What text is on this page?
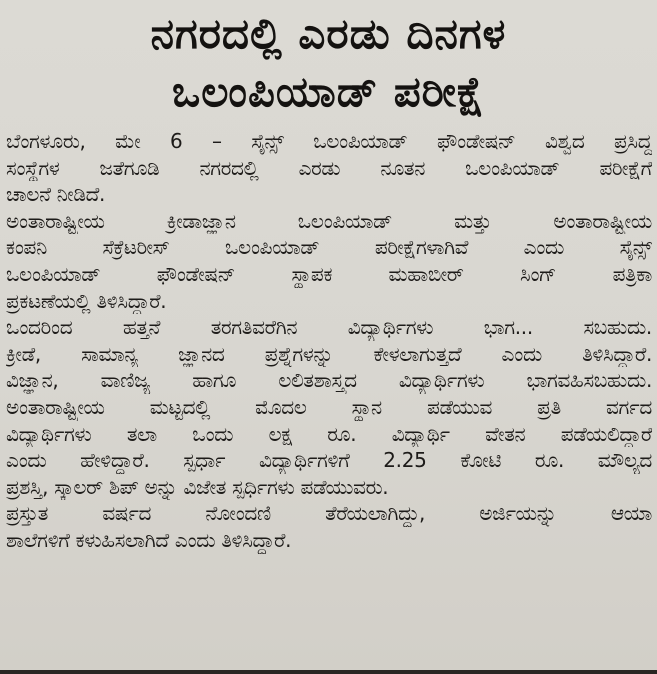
ನಗರದಲ್ಲಿ ಎರಡು ದಿನಗಳ
ಒಲಂಪಿಯಾಡ್ ಪರೀಕ್ಷೆ
ಬೆಂಗಳೂರು, ಮೇ 6 – ಸೈನ್ಸ್ ಒಲಂಪಿಯಾಡ್ ಫೌಂಡೇಷನ್ ವಿಶ್ವದ ಪ್ರಸಿದ್ಧ
ಸಂಸ್ಥೆಗಳ ಜತೆಗೂಡಿ ನಗರದಲ್ಲಿ ಎರಡು ನೂತನ ಒಲಂಪಿಯಾಡ್ ಪರೀಕ್ಷೆಗೆ
ಚಾಲನೆ ನೀಡಿದೆ.
ಅಂತಾರಾಷ್ಟ್ರೀಯ ಕ್ರೀಡಾಜ್ಞಾನ ಒಲಂಪಿಯಾಡ್ ಮತ್ತು ಅಂತಾರಾಷ್ಟ್ರೀಯ
ಕಂಪನಿ ಸೆಕ್ರೆಟರೀಸ್ ಒಲಂಪಿಯಾಡ್ ಪರೀಕ್ಷೆಗಳಾಗಿವೆ ಎಂದು ಸೈನ್ಸ್
ಒಲಂಪಿಯಾಡ್ ಫೌಂಡೇಷನ್ ಸ್ಥಾಪಕ ಮಹಾಬೀರ್ ಸಿಂಗ್ ಪತ್ರಿಕಾ
ಪ್ರಕಟಣೆಯಲ್ಲಿ ತಿಳಿಸಿದ್ದಾರೆ.
ಒಂದರಿಂದ ಹತ್ತನೆ ತರಗತಿವರೆಗಿನ ವಿದ್ಯಾರ್ಥಿಗಳು ಭಾಗ... ಸಬಹುದು.
ಕ್ರೀಡೆ, ಸಾಮಾನ್ಯ ಜ್ಞಾನದ ಪ್ರಶ್ನೆಗಳನ್ನು ಕೇಳಲಾಗುತ್ತದೆ ಎಂದು ತಿಳಿಸಿದ್ದಾರೆ.
ವಿಜ್ಞಾನ, ವಾಣಿಜ್ಯ ಹಾಗೂ ಲಲಿತಶಾಸ್ತ್ರದ ವಿದ್ಯಾರ್ಥಿಗಳು ಭಾಗವಹಿಸಬಹುದು.
ಅಂತಾರಾಷ್ಟ್ರೀಯ ಮಟ್ಟದಲ್ಲಿ ಮೊದಲ ಸ್ಥಾನ ಪಡೆಯುವ ಪ್ರತಿ ವರ್ಗದ
ವಿದ್ಯಾರ್ಥಿಗಳು ತಲಾ ಒಂದು ಲಕ್ಷ ರೂ. ವಿದ್ಯಾರ್ಥಿ ವೇತನ ಪಡೆಯಲಿದ್ದಾರೆ
ಎಂದು ಹೇಳಿದ್ದಾರೆ. ಸ್ಪರ್ಧಾ ವಿದ್ಯಾರ್ಥಿಗಳಿಗೆ 2.25 ಕೋಟಿ ರೂ. ಮೌಲ್ಯದ
ಪ್ರಶಸ್ತಿ, ಸ್ಕಾಲರ್ ಶಿಪ್ ಅನ್ನು ವಿಜೇತ ಸ್ಪರ್ಧಿಗಳು ಪಡೆಯುವರು.
ಪ್ರಸ್ತುತ ವರ್ಷದ ನೋಂದಣಿ ತೆರೆಯಲಾಗಿದ್ದು, ಅರ್ಜಿಯನ್ನು ಆಯಾ
ಶಾಲೆಗಳಿಗೆ ಕಳುಹಿಸಲಾಗಿದೆ ಎಂದು ತಿಳಿಸಿದ್ದಾರೆ.
